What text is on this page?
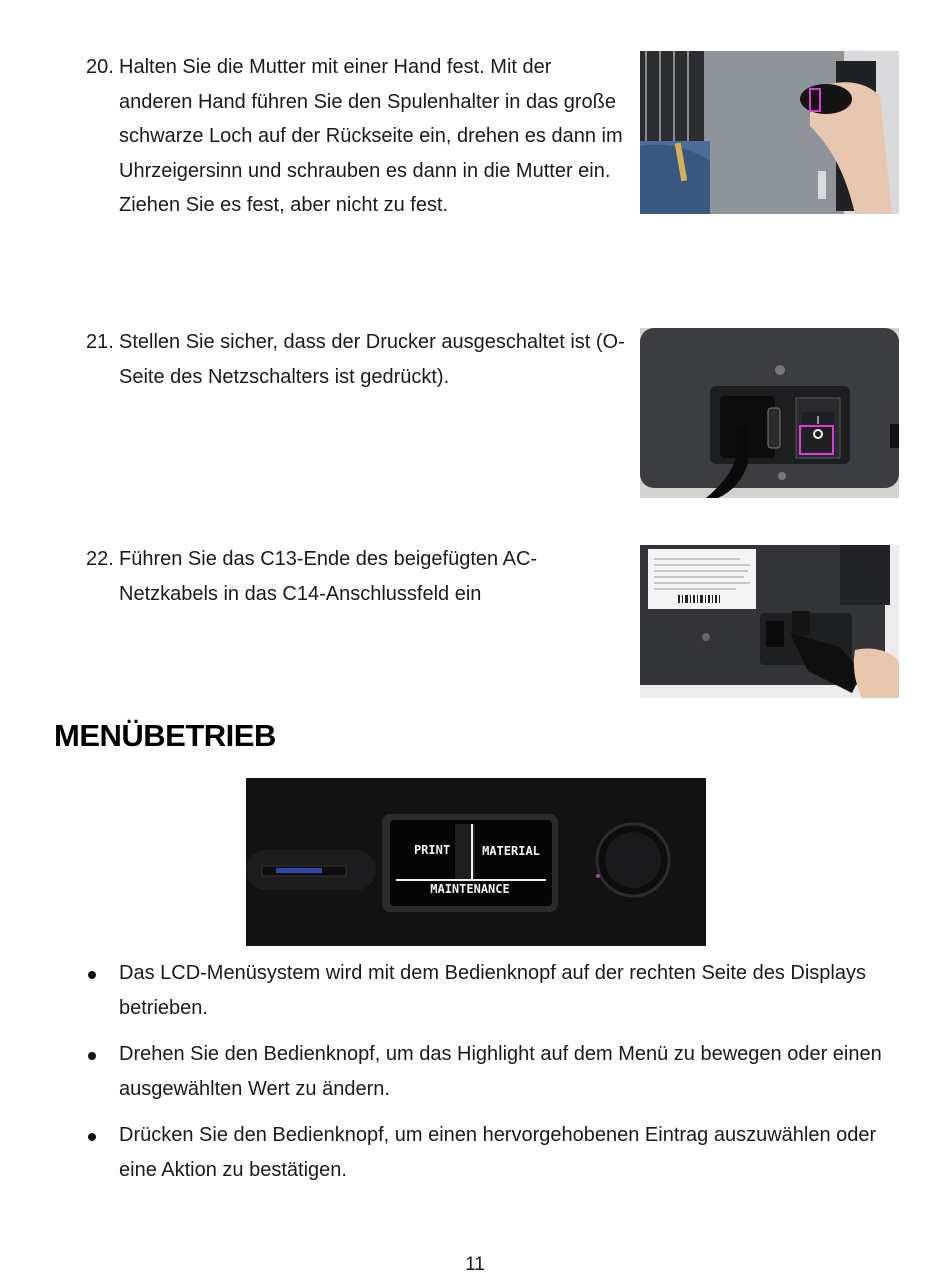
20. Halten Sie die Mutter mit einer Hand fest. Mit der anderen Hand führen Sie den Spulenhalter in das große schwarze Loch auf der Rückseite ein, drehen es dann im Uhrzeigersinn und schrauben es dann in die Mutter ein. Ziehen Sie es fest, aber nicht zu fest.
21. Stellen Sie sicher, dass der Drucker ausgeschaltet ist (O-Seite des Netzschalters ist gedrückt).
I
22. Führen Sie das C13-Ende des beigefügten AC-Netzkabels in das C14-Anschlussfeld ein
MENÜBETRIEB
PRINT	MATERIAL
MAINTENANCE
Das LCD-Menüsystem wird mit dem Bedienknopf auf der rechten Seite des Displays betrieben.
Drehen Sie den Bedienknopf, um das Highlight auf dem Menü zu bewegen oder einen ausgewählten Wert zu ändern.
Drücken Sie den Bedienknopf, um einen hervorgehobenen Eintrag auszuwählen oder eine Aktion zu bestätigen.
11
